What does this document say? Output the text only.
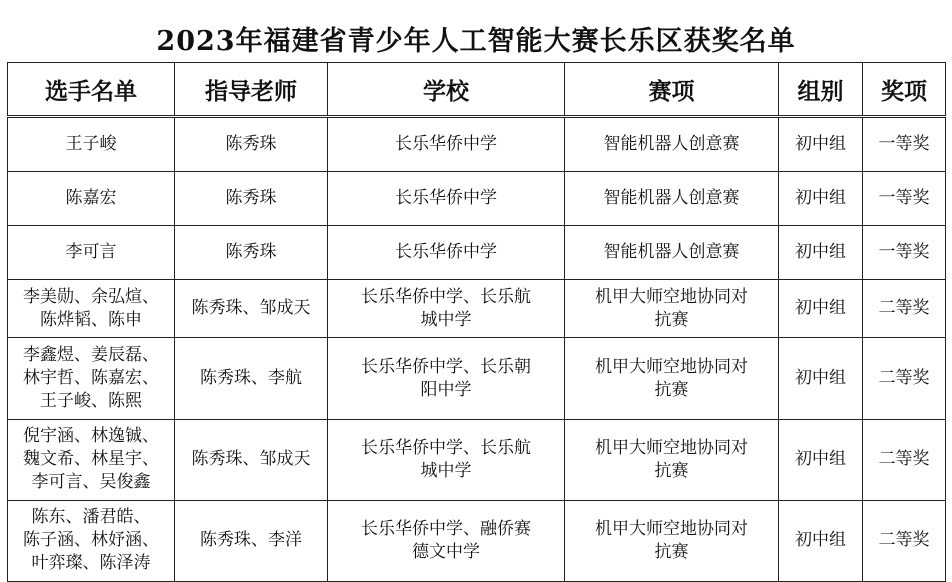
2023年福建省青少年人工智能大赛长乐区获奖名单
选手名单	指导老师	学校	赛项	组别	奖项

王子峻	陈秀珠	长乐华侨中学	智能机器人创意赛	初中组	一等奖

陈嘉宏	陈秀珠	长乐华侨中学	智能机器人创意赛	初中组	一等奖

李可言	陈秀珠	长乐华侨中学	智能机器人创意赛	初中组	一等奖

李美勋、余弘煊、
陈烨韬、陈申	陈秀珠、邹成天	长乐华侨中学、长乐航
城中学	机甲大师空地协同对
抗赛	初中组	二等奖

李鑫煜、姜辰磊、
林宇哲、陈嘉宏、
王子峻、陈熙	陈秀珠、李航	长乐华侨中学、长乐朝
阳中学	机甲大师空地协同对
抗赛	初中组	二等奖

倪宇涵、林逸铖、
魏文希、林星宇、
李可言、吴俊鑫	陈秀珠、邹成天	长乐华侨中学、长乐航
城中学	机甲大师空地协同对
抗赛	初中组	二等奖

陈东、潘君皓、
陈子涵、林妤涵、
叶弈璨、陈泽涛	陈秀珠、李洋	长乐华侨中学、融侨赛
德文中学	机甲大师空地协同对
抗赛	初中组	二等奖
